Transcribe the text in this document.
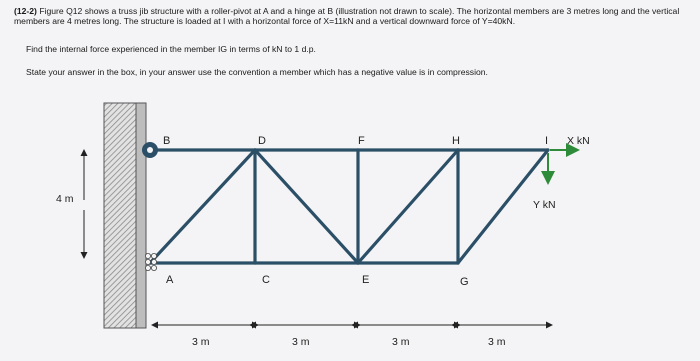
(12-2) Figure Q12 shows a truss jib structure with a roller-pivot at A and a hinge at B (illustration not drawn to scale). The horizontal members are 3 metres long and the vertical members are 4 metres long. The structure is loaded at I with a horizontal force of X=11kN and a vertical downward force of Y=40kN.
Find the internal force experienced in the member IG in terms of kN to 1 d.p.
State your answer in the box, in your answer use the convention a member which has a negative value is in compression.
B	D	F	H	I
A	C	E	G
X kN
Y kN
4 m
3 m	3 m	3 m	3 m
